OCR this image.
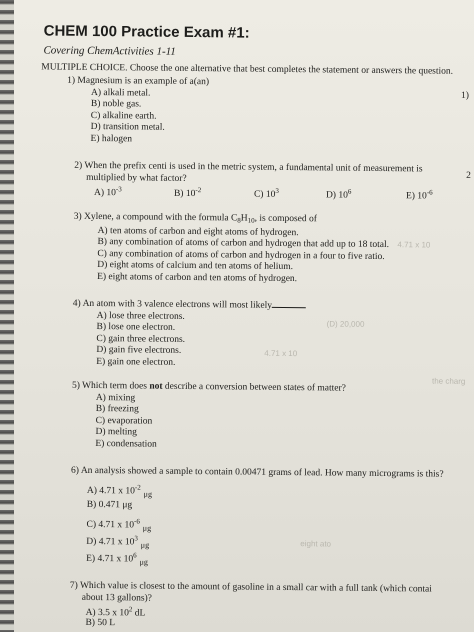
4.71 x 10
(D) 20,000
4.71 x 10
the charg
eight ato
CHEM 100 Practice Exam #1:
Covering ChemActivities 1-11
MULTIPLE CHOICE. Choose the one alternative that best completes the statement or answers the question.
1)
2
1) Magnesium is an example of a(an)
A) alkali metal.
B) noble gas.
C) alkaline earth.
D) transition metal.
E) halogen
2) When the prefix centi is used in the metric system, a fundamental unit of measurement is
multiplied by what factor?
A) $10^{-3}$	B) $10^{-2}$	C) $10^3$	D) $10^6$	E) $10^{-6}$
3) Xylene, a compound with the formula $C_8H_{10}$, is composed of
A) ten atoms of carbon and eight atoms of hydrogen.
B) any combination of atoms of carbon and hydrogen that add up to 18 total.
C) any combination of atoms of carbon and hydrogen in a four to five ratio.
D) eight atoms of calcium and ten atoms of helium.
E) eight atoms of carbon and ten atoms of hydrogen.
4) An atom with 3 valence electrons will most likely
A) lose three electrons.
B) lose one electron.
C) gain three electrons.
D) gain five electrons.
E) gain one electron.
5) Which term does not describe a conversion between states of matter?
A) mixing
B) freezing
C) evaporation
D) melting
E) condensation
6) An analysis showed a sample to contain 0.00471 grams of lead. How many micrograms is this?
A) 4.71 x $10^{-2}_{\mu g}$
B) 0.471 μg
C) 4.71 x $10^{-6}_{\mu g}$
D) 4.71 x $10^3_{\mu g}$
E) 4.71 x $10^6_{\mu g}$
7) Which value is closest to the amount of gasoline in a small car with a full tank (which contai
about 13 gallons)?
A) 3.5 x $10^2$ dL
B) 50 L
